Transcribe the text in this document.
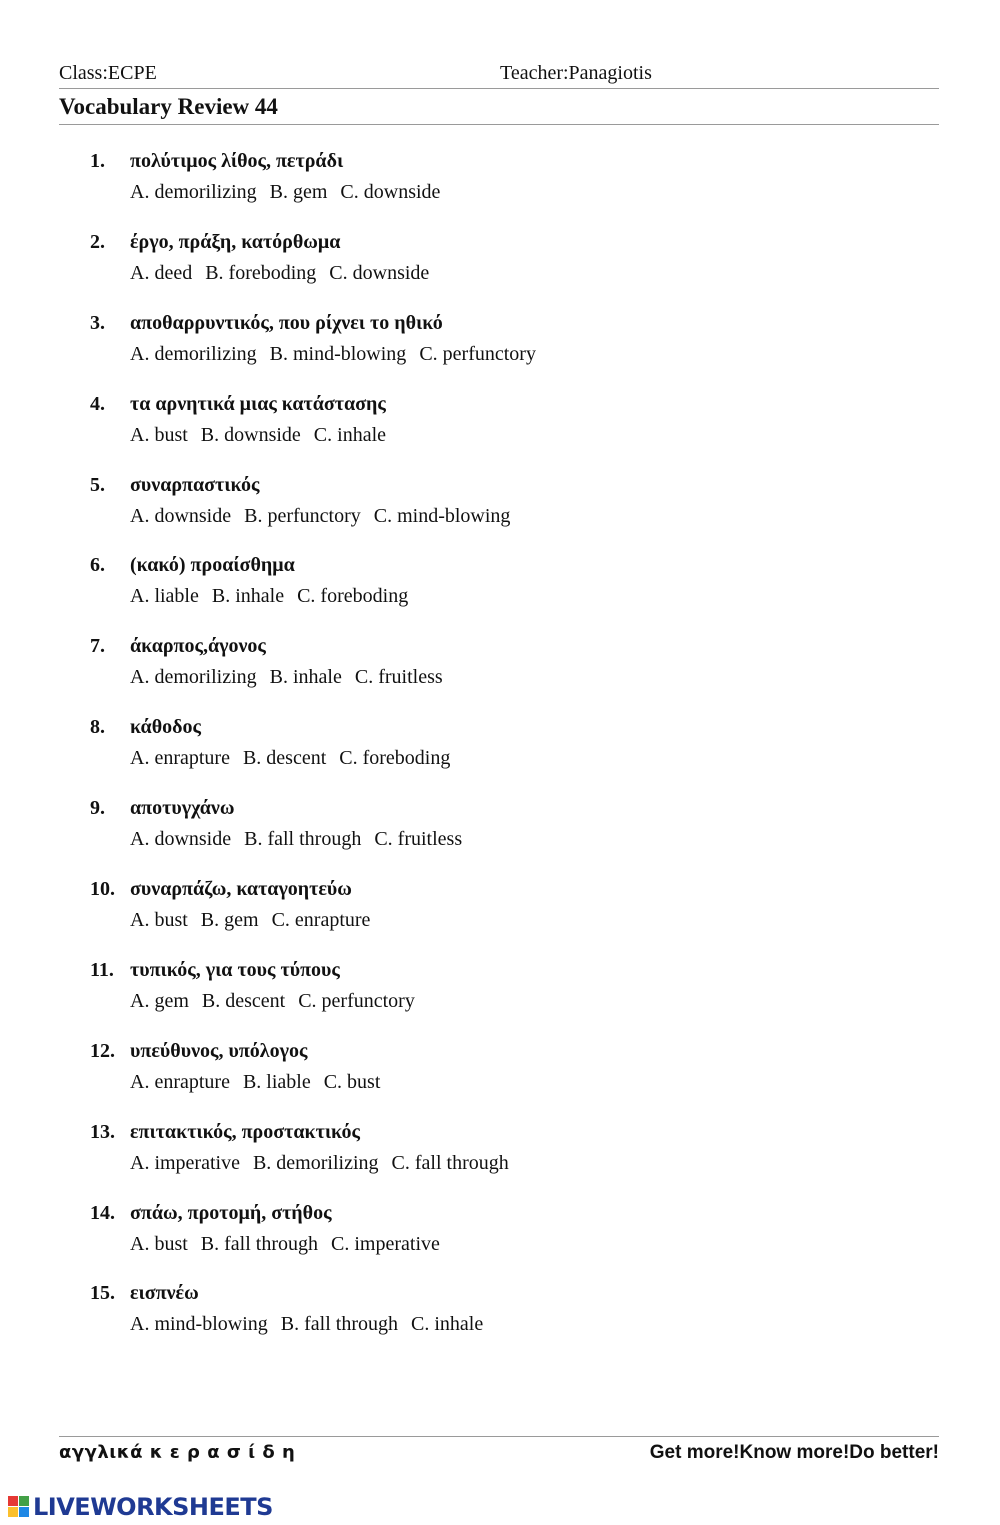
Class:ECPE	Teacher:Panagiotis
Vocabulary Review 44
1.	πολύτιμος λίθος, πετράδι
A. demorilizing B. gem C. downside
2.	έργο, πράξη, κατόρθωμα
A. deed B. foreboding C. downside
3.	αποθαρρυντικός, που ρίχνει το ηθικό
A. demorilizing B. mind-blowing C. perfunctory
4.	τα αρνητικά μιας κατάστασης
A. bust B. downside C. inhale
5.	συναρπαστικός
A. downside B. perfunctory C. mind-blowing
6.	(κακό) προαίσθημα
A. liable B. inhale C. foreboding
7.	άκαρπος,άγονος
A. demorilizing B. inhale C. fruitless
8.	κάθοδος
A. enrapture B. descent C. foreboding
9.	αποτυγχάνω
A. downside B. fall through C. fruitless
10. συναρπάζω, καταγοητεύω
A. bust B. gem C. enrapture
11. τυπικός, για τους τύπους
A. gem B. descent C. perfunctory
12. υπεύθυνος, υπόλογος
A. enrapture B. liable C. bust
13. επιτακτικός, προστακτικός
A. imperative B. demorilizing C. fall through
14. σπάω, προτομή, στήθος
A. bust B. fall through C. imperative
15. εισπνέω
A. mind-blowing B. fall through C. inhale
αγγλικά κ ε ρ α σ ί δ η	Get more!Know more!Do better!
LIVEWORKSHEETS
